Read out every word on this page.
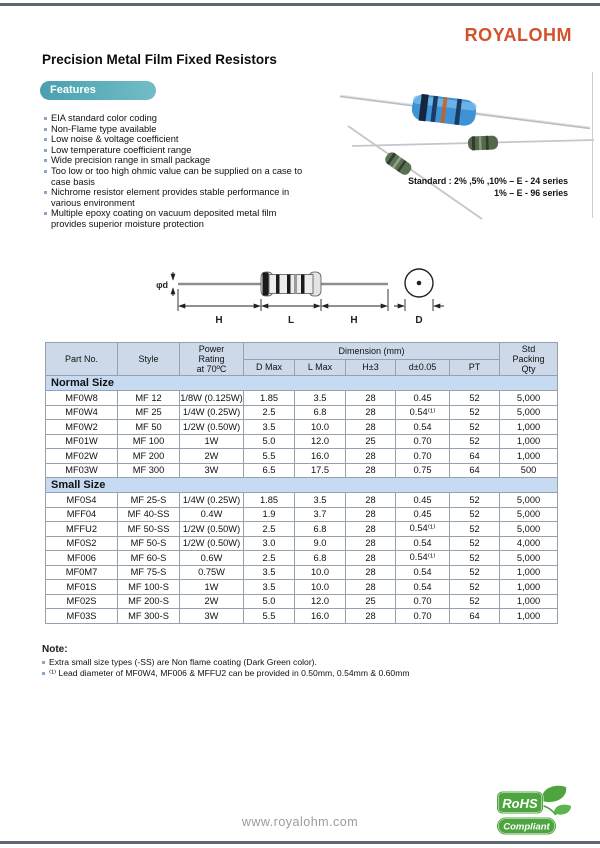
ROYALOHM
Precision Metal Film Fixed Resistors
Features
EIA standard color coding
Non-Flame type available
Low noise & voltage coefficient
Low temperature coefficient range
Wide precision range in small package
Too low or too high ohmic value can be supplied on a case to case basis
Nichrome resistor element provides stable performance in various environment
Multiple epoxy coating on vacuum deposited metal film provides superior moisture protection
Standard : 2% ,5% ,10% – E - 24 series
1% – E - 96 series
φd
H	L	H	D
Part No.	Style	
Power
Rating
at 70ºC
	Dimension (mm)	Std
Packing
Qty

			D Max	L Max	H±3	d±0.05	PT	
Normal Size								
MF0W8	MF 12	1/8W (0.125W)	1.85	3.5	28	0.45	52	5,000
MF0W4	MF 25	1/4W (0.25W)	2.5	6.8	28	0.54⁽¹⁾	52	5,000
MF0W2	MF 50	1/2W (0.50W)	3.5	10.0	28	0.54	52	1,000
MF01W	MF 100	1W	5.0	12.0	25	0.70	52	1,000
MF02W	MF 200	2W	5.5	16.0	28	0.70	64	1,000
MF03W	MF 300	3W	6.5	17.5	28	0.75	64	500
Small Size								
MF0S4	MF 25-S	1/4W (0.25W)	1.85	3.5	28	0.45	52	5,000
MFF04	MF 40-SS	0.4W	1.9	3.7	28	0.45	52	5,000
MFFU2	MF 50-SS	1/2W (0.50W)	2.5	6.8	28	0.54⁽¹⁾	52	5,000
MF0S2	MF 50-S	1/2W (0.50W)	3.0	9.0	28	0.54	52	4,000
MF006	MF 60-S	0.6W	2.5	6.8	28	0.54⁽¹⁾	52	5,000
MF0M7	MF 75-S	0.75W	3.5	10.0	28	0.54	52	1,000
MF01S	MF 100-S	1W	3.5	10.0	28	0.54	52	1,000
MF02S	MF 200-S	2W	5.0	12.0	25	0.70	52	1,000
MF03S	MF 300-S	3W	5.5	16.0	28	0.70	64	1,000
Note:
Extra small size types (-SS) are Non flame coating (Dark Green color).
⁽¹⁾ Lead diameter of MF0W4, MF006 & MFFU2 can be provided in 0.50mm, 0.54mm & 0.60mm
www.royalohm.com
RoHS
Compliant
